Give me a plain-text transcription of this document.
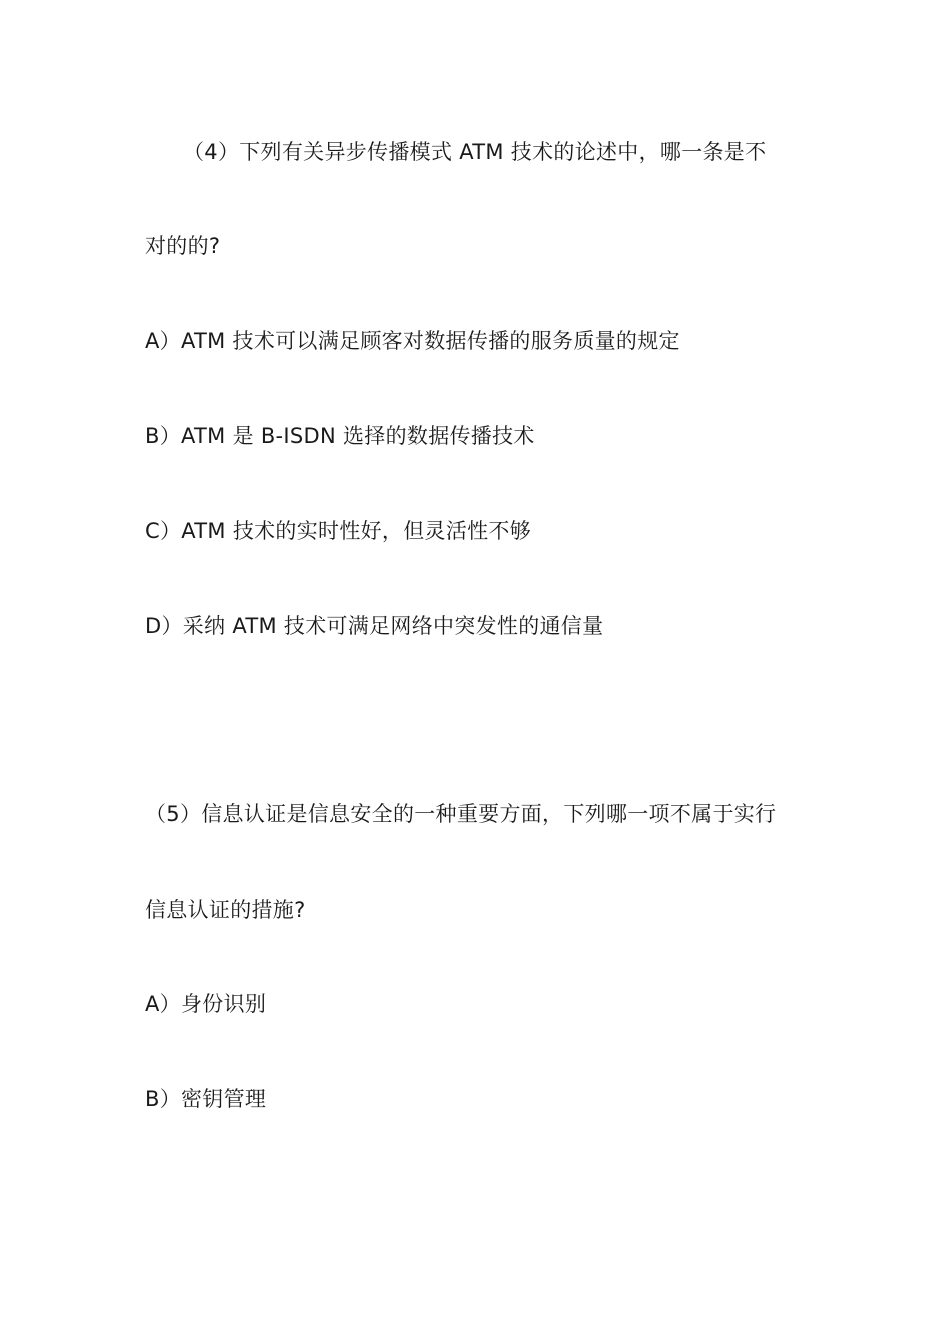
（4）下列有关异步传播模式 ATM 技术的论述中，哪一条是不
对的的?
A）ATM 技术可以满足顾客对数据传播的服务质量的规定
B）ATM 是 B-ISDN 选择的数据传播技术
C）ATM 技术的实时性好，但灵活性不够
D）采纳 ATM 技术可满足网络中突发性的通信量
（5）信息认证是信息安全的一种重要方面，下列哪一项不属于实行
信息认证的措施?
A）身份识别
B）密钥管理
